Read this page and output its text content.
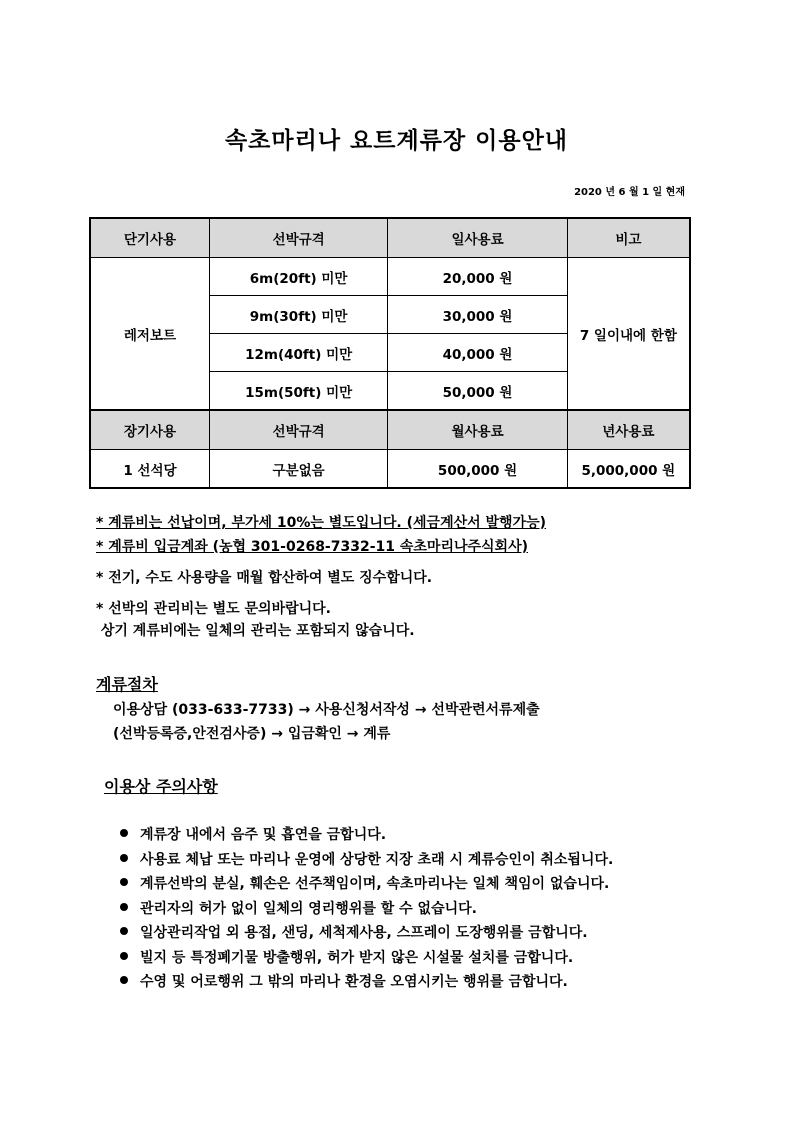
속초마리나 요트계류장 이용안내
2020 년 6 월 1 일 현재
단기사용	선박규격	일사용료	비고
레저보트	6m(20ft) 미만	20,000 원	7 일이내에 한함
	9m(30ft) 미만	30,000 원	
	12m(40ft) 미만	40,000 원	
	15m(50ft) 미만	50,000 원	
장기사용	선박규격	월사용료	년사용료
1 선석당	구분없음	500,000 원	5,000,000 원
* 계류비는 선납이며, 부가세 10%는 별도입니다. (세금계산서 발행가능)
* 계류비 입금계좌 (농협 301-0268-7332-11 속초마리나주식회사)
* 전기, 수도 사용량을 매월 합산하여 별도 징수합니다.
* 선박의 관리비는 별도 문의바랍니다.
상기 계류비에는 일체의 관리는 포함되지 않습니다.
계류절차
이용상담 (033-633-7733) → 사용신청서작성 → 선박관련서류제출
(선박등록증,안전검사증) → 입금확인 → 계류
이용상 주의사항
계류장 내에서 음주 및 흡연을 금합니다.
사용료 체납 또는 마리나 운영에 상당한 지장 초래 시 계류승인이 취소됩니다.
계류선박의 분실, 훼손은 선주책임이며, 속초마리나는 일체 책임이 없습니다.
관리자의 허가 없이 일체의 영리행위를 할 수 없습니다.
일상관리작업 외 용접, 샌딩, 세척제사용, 스프레이 도장행위를 금합니다.
빌지 등 특정폐기물 방출행위, 허가 받지 않은 시설물 설치를 금합니다.
수영 및 어로행위 그 밖의 마리나 환경을 오염시키는 행위를 금합니다.
